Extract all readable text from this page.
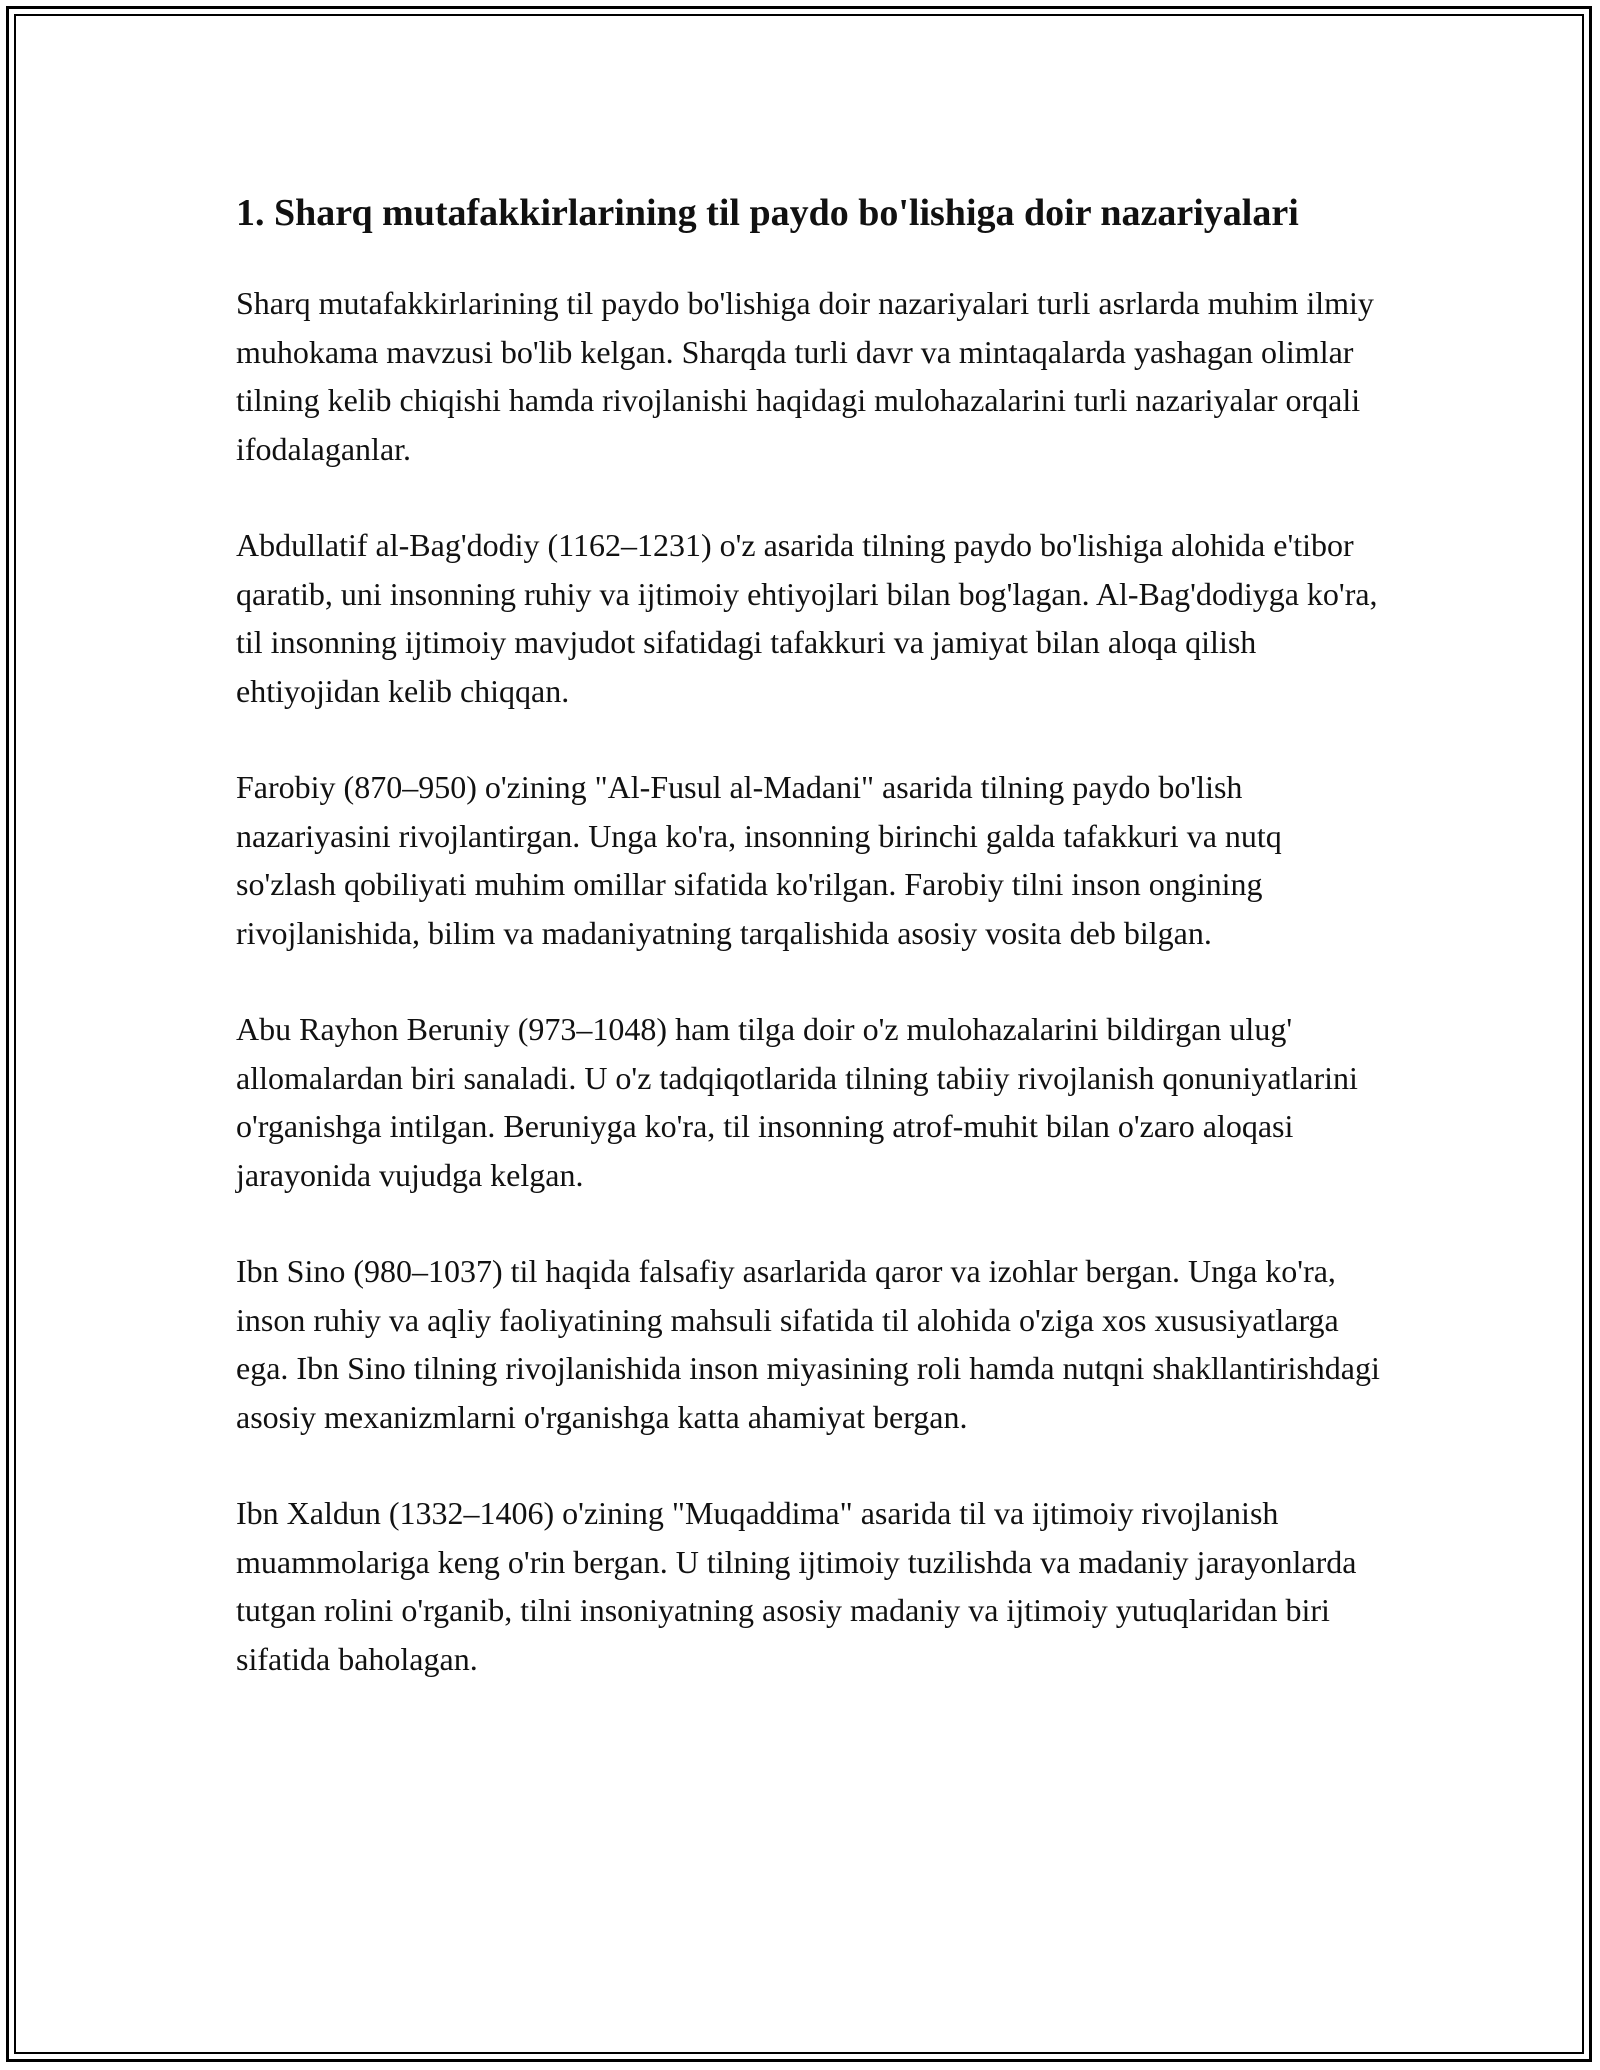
1. Sharq mutafakkirlarining til paydo bo'lishiga doir nazariyalari

Sharq mutafakkirlarining til paydo bo'lishiga doir nazariyalari turli asrlarda muhim ilmiy muhokama mavzusi bo'lib kelgan. Sharqda turli davr va mintaqalarda yashagan olimlar tilning kelib chiqishi hamda rivojlanishi haqidagi mulohazalarini turli nazariyalar orqali ifodalaganlar.

Abdullatif al-Bag'dodiy (1162–1231) o'z asarida tilning paydo bo'lishiga alohida e'tibor qaratib, uni insonning ruhiy va ijtimoiy ehtiyojlari bilan bog'lagan. Al-Bag'dodiyga ko'ra, til insonning ijtimoiy mavjudot sifatidagi tafakkuri va jamiyat bilan aloqa qilish ehtiyojidan kelib chiqqan.

Farobiy (870–950) o'zining "Al-Fusul al-Madani" asarida tilning paydo bo'lish nazariyasini rivojlantirgan. Unga ko'ra, insonning birinchi galda tafakkuri va nutq so'zlash qobiliyati muhim omillar sifatida ko'rilgan. Farobiy tilni inson ongining rivojlanishida, bilim va madaniyatning tarqalishida asosiy vosita deb bilgan.

Abu Rayhon Beruniy (973–1048) ham tilga doir o'z mulohazalarini bildirgan ulug' allomalardan biri sanaladi. U o'z tadqiqotlarida tilning tabiiy rivojlanish qonuniyatlarini o'rganishga intilgan. Beruniyga ko'ra, til insonning atrof-muhit bilan o'zaro aloqasi jarayonida vujudga kelgan.

Ibn Sino (980–1037) til haqida falsafiy asarlarida qaror va izohlar bergan. Unga ko'ra, inson ruhiy va aqliy faoliyatining mahsuli sifatida til alohida o'ziga xos xususiyatlarga ega. Ibn Sino tilning rivojlanishida inson miyasining roli hamda nutqni shakllantirishdagi asosiy mexanizmlarni o'rganishga katta ahamiyat bergan.

Ibn Xaldun (1332–1406) o'zining "Muqaddima" asarida til va ijtimoiy rivojlanish muammolariga keng o'rin bergan. U tilning ijtimoiy tuzilishda va madaniy jarayonlarda tutgan rolini o'rganib, tilni insoniyatning asosiy madaniy va ijtimoiy yutuqlaridan biri sifatida baholagan.
